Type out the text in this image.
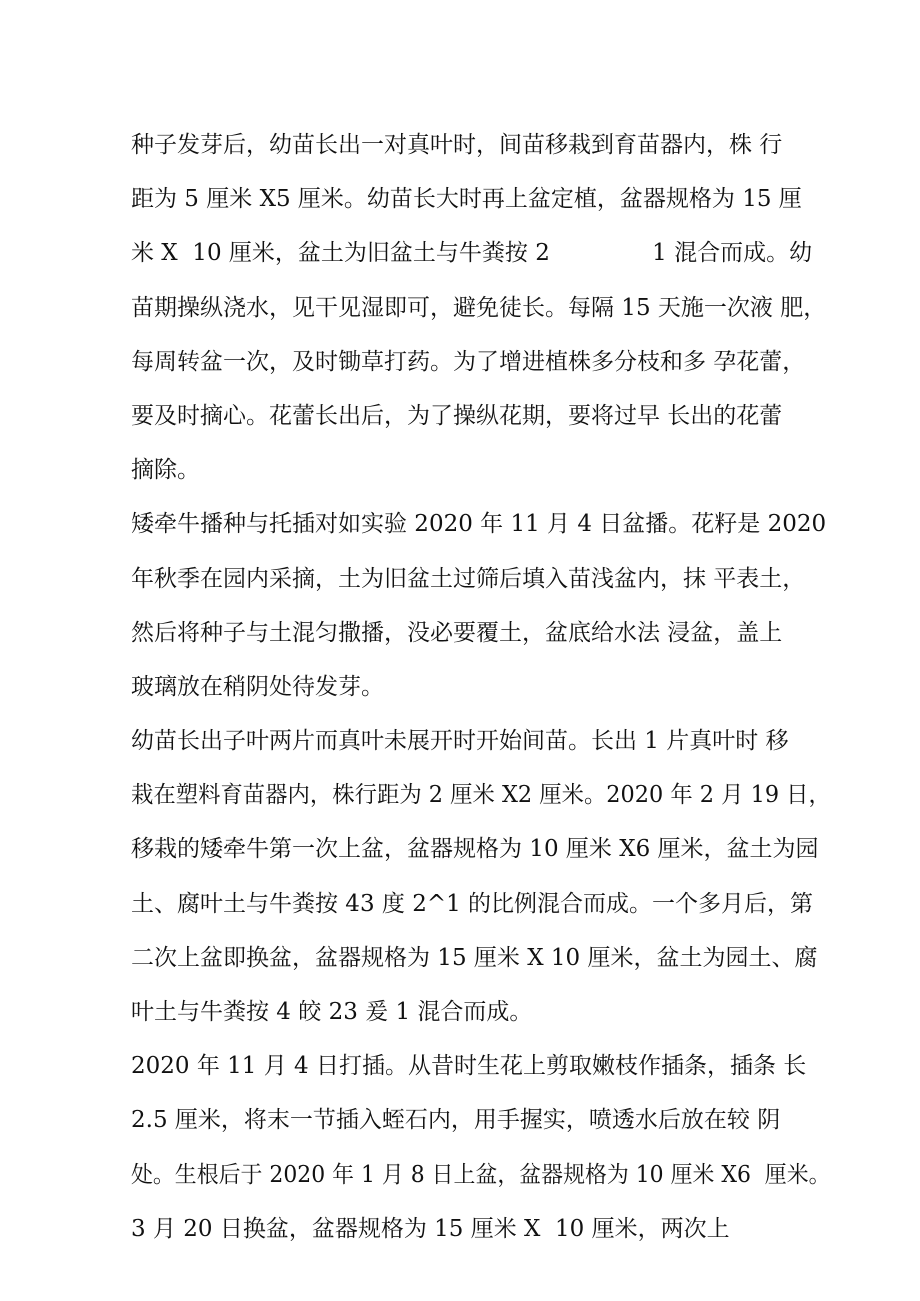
种子发芽后，幼苗长出一对真叶时，间苗移栽到育苗器内，株 行
距为 5 厘米 X5 厘米。幼苗长大时再上盆定植，盆器规格为 15 厘
米 X  10 厘米，盆土为旧盆土与牛粪按 2              1 混合而成。幼
苗期操纵浇水，见干见湿即可，避免徒长。每隔 15 天施一次液 肥，
每周转盆一次，及时锄草打药。为了增进植株多分枝和多 孕花蕾，
要及时摘心。花蕾长出后，为了操纵花期，要将过早 长出的花蕾
摘除。
矮牵牛播种与托插对如实验 2020 年 11 月 4 日盆播。花籽是 2020
年秋季在园内采摘，土为旧盆土过筛后填入苗浅盆内，抹 平表土，
然后将种子与土混匀撒播，没必要覆土，盆底给水法 浸盆，盖上
玻璃放在稍阴处待发芽。
幼苗长出子叶两片而真叶未展开时开始间苗。长出 1 片真叶时 移
栽在塑料育苗器内，株行距为 2 厘米 X2 厘米。2020 年 2 月 19 日，
移栽的矮牵牛第一次上盆，盆器规格为 10 厘米 X6 厘米，盆土为园
土、腐叶土与牛粪按 43 度 2^1 的比例混合而成。一个多月后，第
二次上盆即换盆，盆器规格为 15 厘米 X 10 厘米，盆土为园土、腐
叶土与牛粪按 4 皎 23 爰 1 混合而成。
2020 年 11 月 4 日打插。从昔时生花上剪取嫩枝作插条，插条 长
2.5 厘米，将末一节插入蛭石内，用手握实，喷透水后放在较 阴
处。生根后于 2020 年 1 月 8 日上盆，盆器规格为 10 厘米 X6  厘米。
3 月 20 日换盆，盆器规格为 15 厘米 X  10 厘米，两次上
